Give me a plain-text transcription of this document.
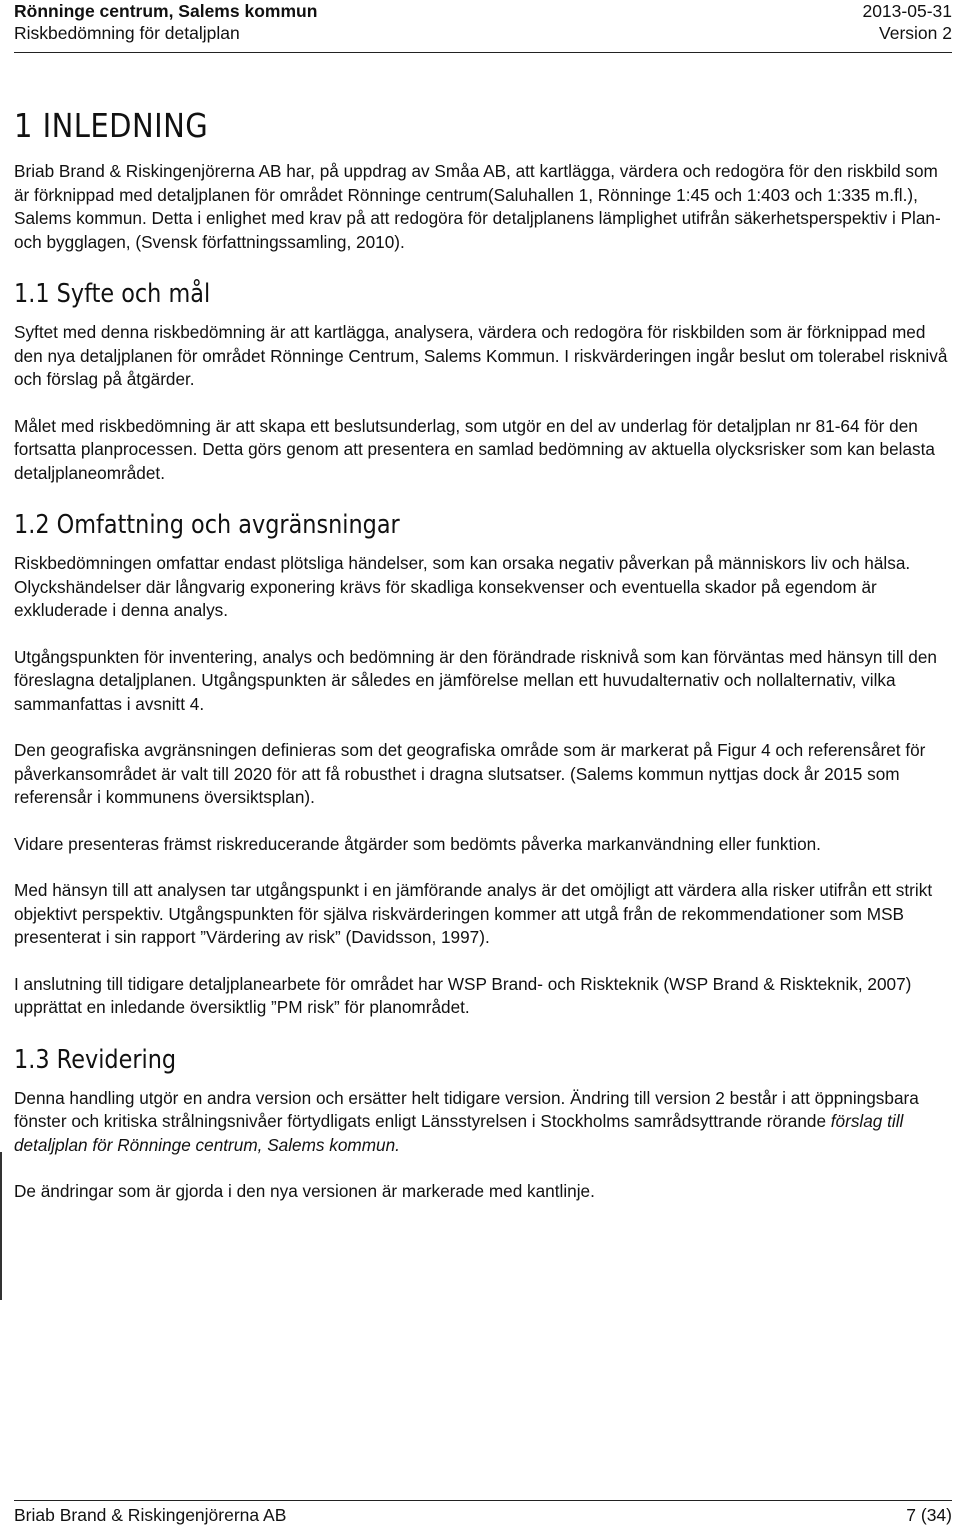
Rönninge centrum, Salems kommun	2013-05-31
Riskbedömning för detaljplan	Version 2
1 INLEDNING

Briab Brand & Riskingenjörerna AB har, på uppdrag av Småa AB, att kartlägga, värdera och redogöra för den riskbild som är förknippad med detaljplanen för området Rönninge centrum(Saluhallen 1, Rönninge 1:45 och 1:403 och 1:335 m.fl.), Salems kommun. Detta i enlighet med krav på att redogöra för detaljplanens lämplighet utifrån säkerhetsperspektiv i Plan- och bygglagen, (Svensk författningssamling, 2010).

1.1 Syfte och mål

Syftet med denna riskbedömning är att kartlägga, analysera, värdera och redogöra för riskbilden som är förknippad med den nya detaljplanen för området Rönninge Centrum, Salems Kommun. I riskvärderingen ingår beslut om tolerabel risknivå och förslag på åtgärder.

Målet med riskbedömning är att skapa ett beslutsunderlag, som utgör en del av underlag för detaljplan nr 81-64 för den fortsatta planprocessen. Detta görs genom att presentera en samlad bedömning av aktuella olycksrisker som kan belasta detaljplaneområdet.

1.2 Omfattning och avgränsningar

Riskbedömningen omfattar endast plötsliga händelser, som kan orsaka negativ påverkan på människors liv och hälsa. Olyckshändelser där långvarig exponering krävs för skadliga konsekvenser och eventuella skador på egendom är exkluderade i denna analys.

Utgångspunkten för inventering, analys och bedömning är den förändrade risknivå som kan förväntas med hänsyn till den föreslagna detaljplanen. Utgångspunkten är således en jämförelse mellan ett huvudalternativ och nollalternativ, vilka sammanfattas i avsnitt 4.

Den geografiska avgränsningen definieras som det geografiska område som är markerat på Figur 4 och referensåret för påverkansområdet är valt till 2020 för att få robusthet i dragna slutsatser. (Salems kommun nyttjas dock år 2015 som referensår i kommunens översiktsplan).

Vidare presenteras främst riskreducerande åtgärder som bedömts påverka markanvändning eller funktion.

Med hänsyn till att analysen tar utgångspunkt i en jämförande analys är det omöjligt att värdera alla risker utifrån ett strikt objektivt perspektiv. Utgångspunkten för själva riskvärderingen kommer att utgå från de rekommendationer som MSB presenterat i sin rapport ”Värdering av risk” (Davidsson, 1997).

I anslutning till tidigare detaljplanearbete för området har WSP Brand- och Riskteknik (WSP Brand & Riskteknik, 2007) upprättat en inledande översiktlig ”PM risk” för planområdet.

1.3 Revidering

Denna handling utgör en andra version och ersätter helt tidigare version. Ändring till version 2 består i att öppningsbara fönster och kritiska strålningsnivåer förtydligats enligt Länsstyrelsen i Stockholms samrådsyttrande rörande förslag till detaljplan för Rönninge centrum, Salems kommun.

De ändringar som är gjorda i den nya versionen är markerade med kantlinje.

Briab Brand & Riskingenjörerna AB	7 (34)
